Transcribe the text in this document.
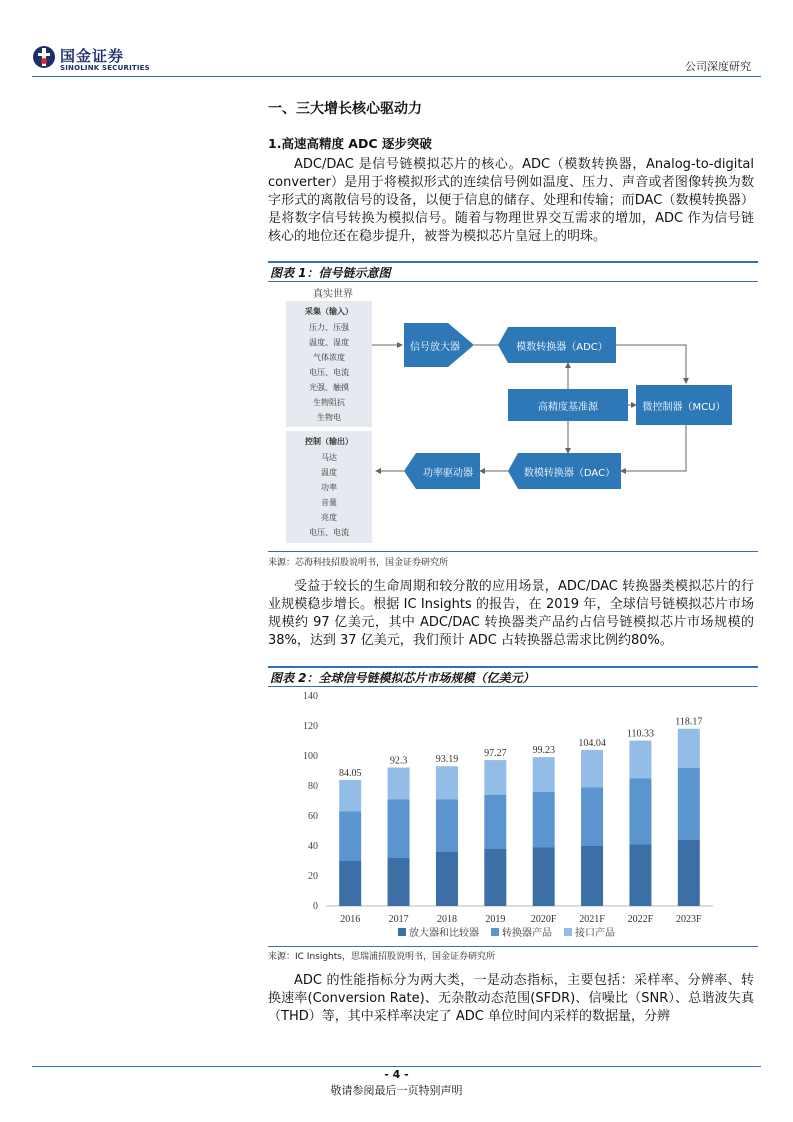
国金证券
SINOLINK SECURITIES	公司深度研究
一、三大增长核心驱动力
1.高速高精度 ADC 逐步突破

ADC/DAC 是信号链模拟芯片的核心。ADC（模数转换器，Analog-to-digital converter）是用于将模拟形式的连续信号例如温度、压力、声音或者图像转换为数字形式的离散信号的设备，以便于信息的储存、处理和传输；而DAC（数模转换器）是将数字信号转换为模拟信号。随着与物理世界交互需求的增加，ADC 作为信号链核心的地位还在稳步提升，被誉为模拟芯片皇冠上的明珠。

图表 1：信号链示意图
真实世界
采集（输入）
压力、压强
温度、湿度
气体浓度
电压、电流
光强、触摸
生物阻抗
生物电
控制（输出）
马达
温度
功率
音量
亮度
电压、电流
信号放大器	模数转换器（ADC）
高精度基准源	微控制器（MCU）
数模转换器（DAC）
功率驱动器
来源：芯海科技招股说明书，国金证券研究所

受益于较长的生命周期和较分散的应用场景，ADC/DAC 转换器类模拟芯片的行业规模稳步增长。根据 IC Insights 的报告，在 2019 年，全球信号链模拟芯片市场规模约 97 亿美元，其中 ADC/DAC 转换器类产品约占信号链模拟芯片市场规模的 38%，达到 37 亿美元，我们预计 ADC 占转换器总需求比例约80%。

图表 2：全球信号链模拟芯片市场规模（亿美元）
0
20
40
60
80
100
120
140
84.05
2016
92.3
2017
93.19
2018
97.27
2019
99.23
2020F
104.04
2021F
110.33
2022F
118.17
2023F
放大器和比较器 转换器产品 接口产品
来源：IC Insights，思瑞浦招股说明书，国金证券研究所

ADC 的性能指标分为两大类，一是动态指标，主要包括：采样率、分辨率、转换速率(Conversion Rate)、无杂散动态范围(SFDR)、信噪比（SNR）、总谐波失真（THD）等，其中采样率决定了 ADC 单位时间内采样的数据量，分辨

- 4 -
敬请参阅最后一页特别声明
